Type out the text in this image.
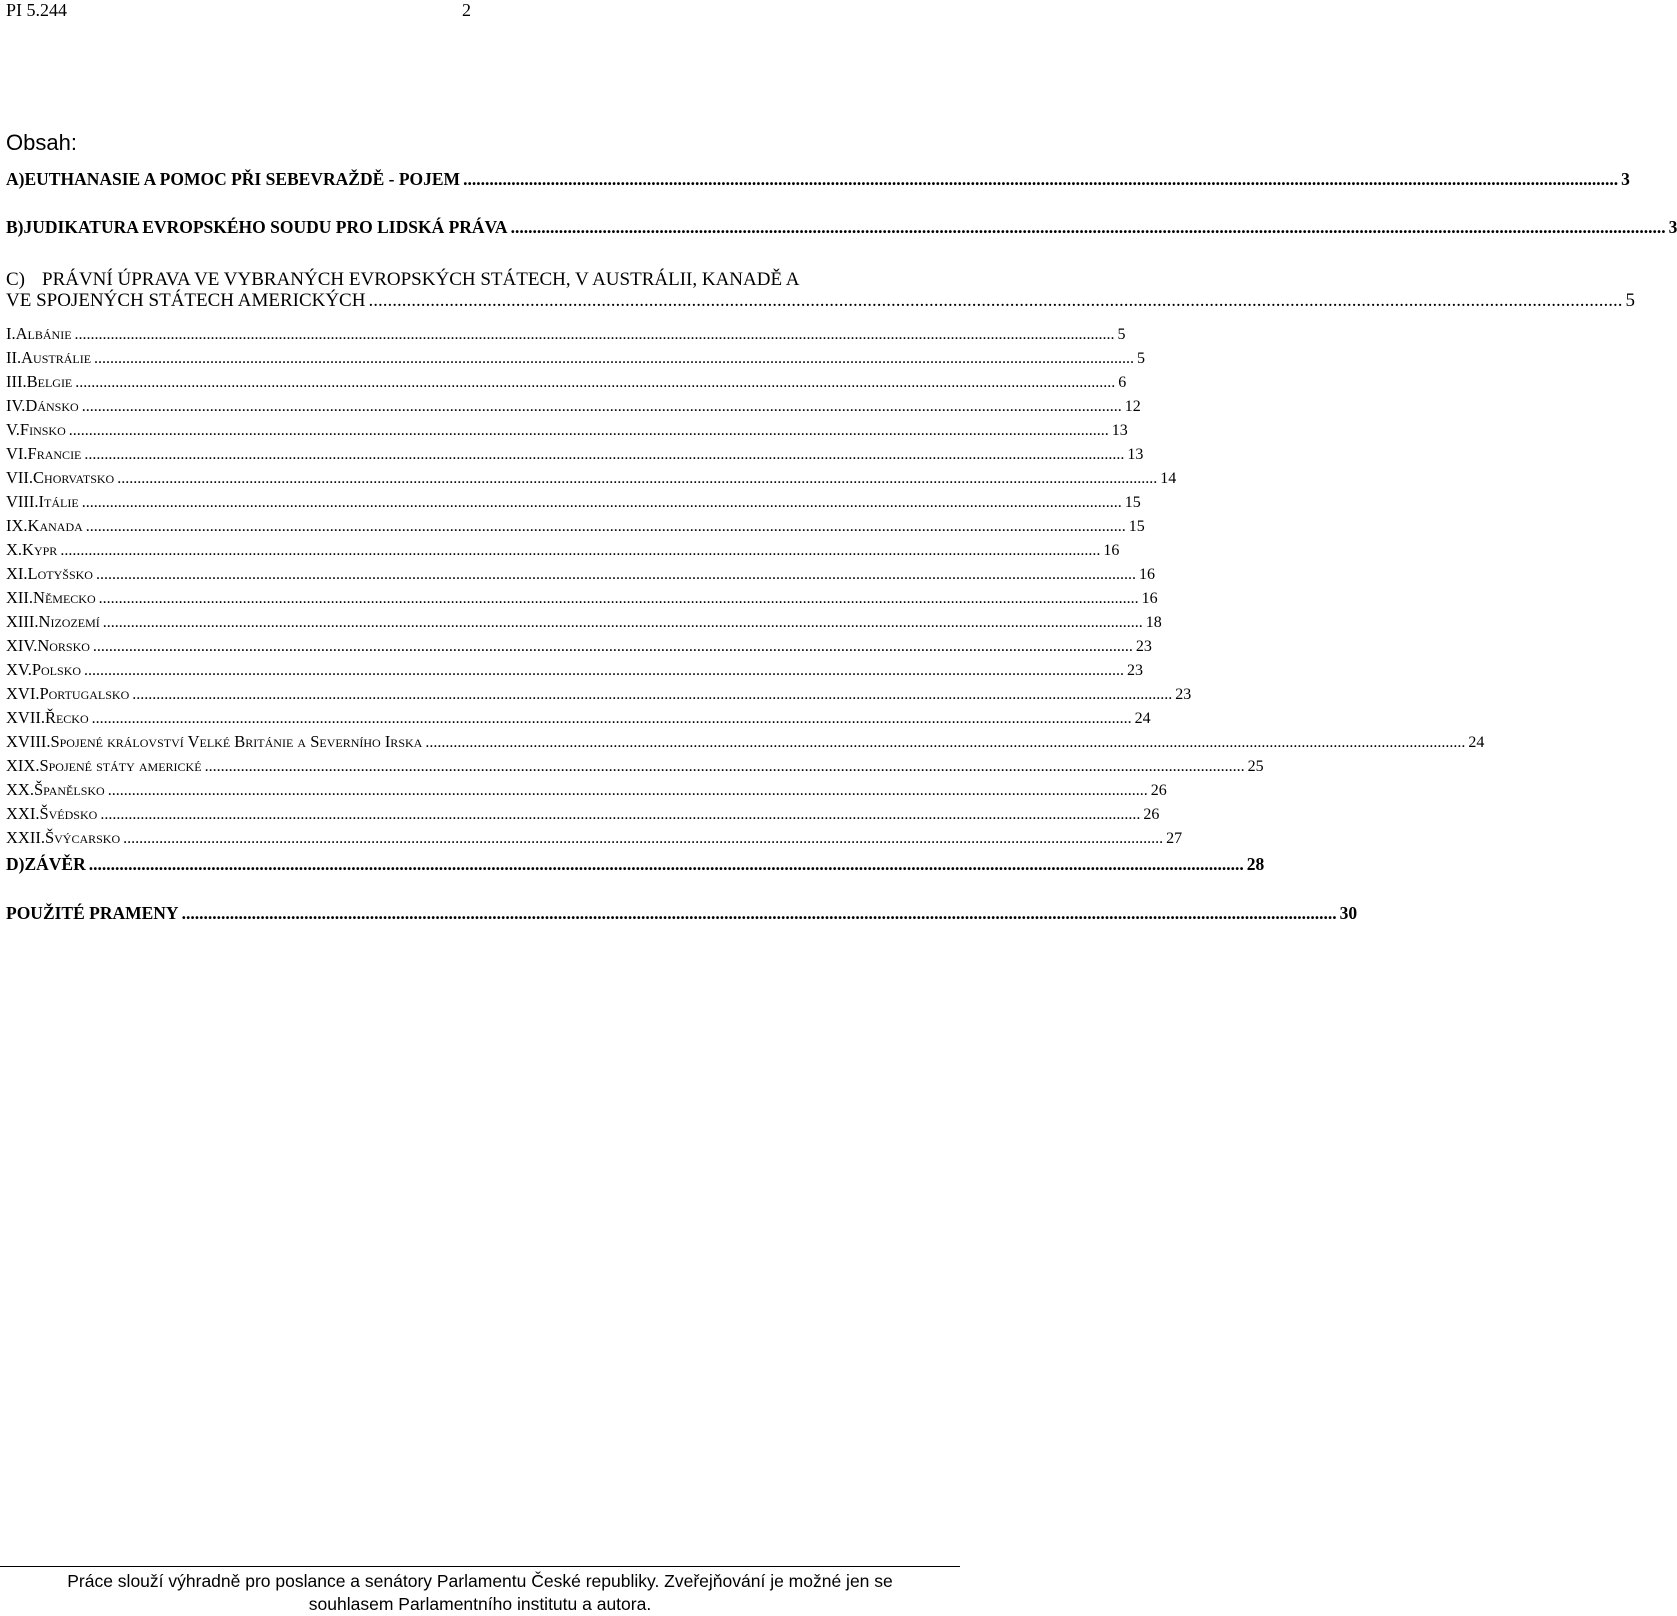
PI 5.244	2
Obsah:
A) EUTHANASIE A POMOC PŘI SEBEVRAŽDĚ - POJEM ........................................................................................................................................................................................................................................................................ 3
B) JUDIKATURA EVROPSKÉHO SOUDU PRO LIDSKÁ PRÁVA ........................................................................................................................................................................................................................................................................ 3
C) PRÁVNÍ ÚPRAVA VE VYBRANÝCH EVROPSKÝCH STÁTECH, V AUSTRÁLII, KANADĚ A
VE SPOJENÝCH STÁTECH AMERICKÝCH ........................................................................................................................................................................................................................................................................ 5
I. Albánie .................................................................................................................................................................................................................................................................... 5
II. Austrálie .................................................................................................................................................................................................................................................................... 5
III. Belgie .................................................................................................................................................................................................................................................................... 6
IV. Dánsko .................................................................................................................................................................................................................................................................... 12
V. Finsko .................................................................................................................................................................................................................................................................... 13
VI. Francie .................................................................................................................................................................................................................................................................... 13
VII. Chorvatsko .................................................................................................................................................................................................................................................................... 14
VIII. Itálie .................................................................................................................................................................................................................................................................... 15
IX. Kanada .................................................................................................................................................................................................................................................................... 15
X. Kypr .................................................................................................................................................................................................................................................................... 16
XI. Lotyšsko .................................................................................................................................................................................................................................................................... 16
XII. Německo .................................................................................................................................................................................................................................................................... 16
XIII. Nizozemí .................................................................................................................................................................................................................................................................... 18
XIV. Norsko .................................................................................................................................................................................................................................................................... 23
XV. Polsko .................................................................................................................................................................................................................................................................... 23
XVI. Portugalsko .................................................................................................................................................................................................................................................................... 23
XVII. Řecko .................................................................................................................................................................................................................................................................... 24
XVIII. Spojené království Velké Británie a Severního Irska .................................................................................................................................................................................................................................................................... 24
XIX. Spojené státy americké .................................................................................................................................................................................................................................................................... 25
XX. Španělsko .................................................................................................................................................................................................................................................................... 26
XXI. Švédsko .................................................................................................................................................................................................................................................................... 26
XXII. Švýcarsko .................................................................................................................................................................................................................................................................... 27
D) ZÁVĚR ........................................................................................................................................................................................................................................................................ 28
POUŽITÉ PRAMENY ........................................................................................................................................................................................................................................................................ 30
Práce slouží výhradně pro poslance a senátory Parlamentu České republiky. Zveřejňování je možné jen se
souhlasem Parlamentního institutu a autora.
